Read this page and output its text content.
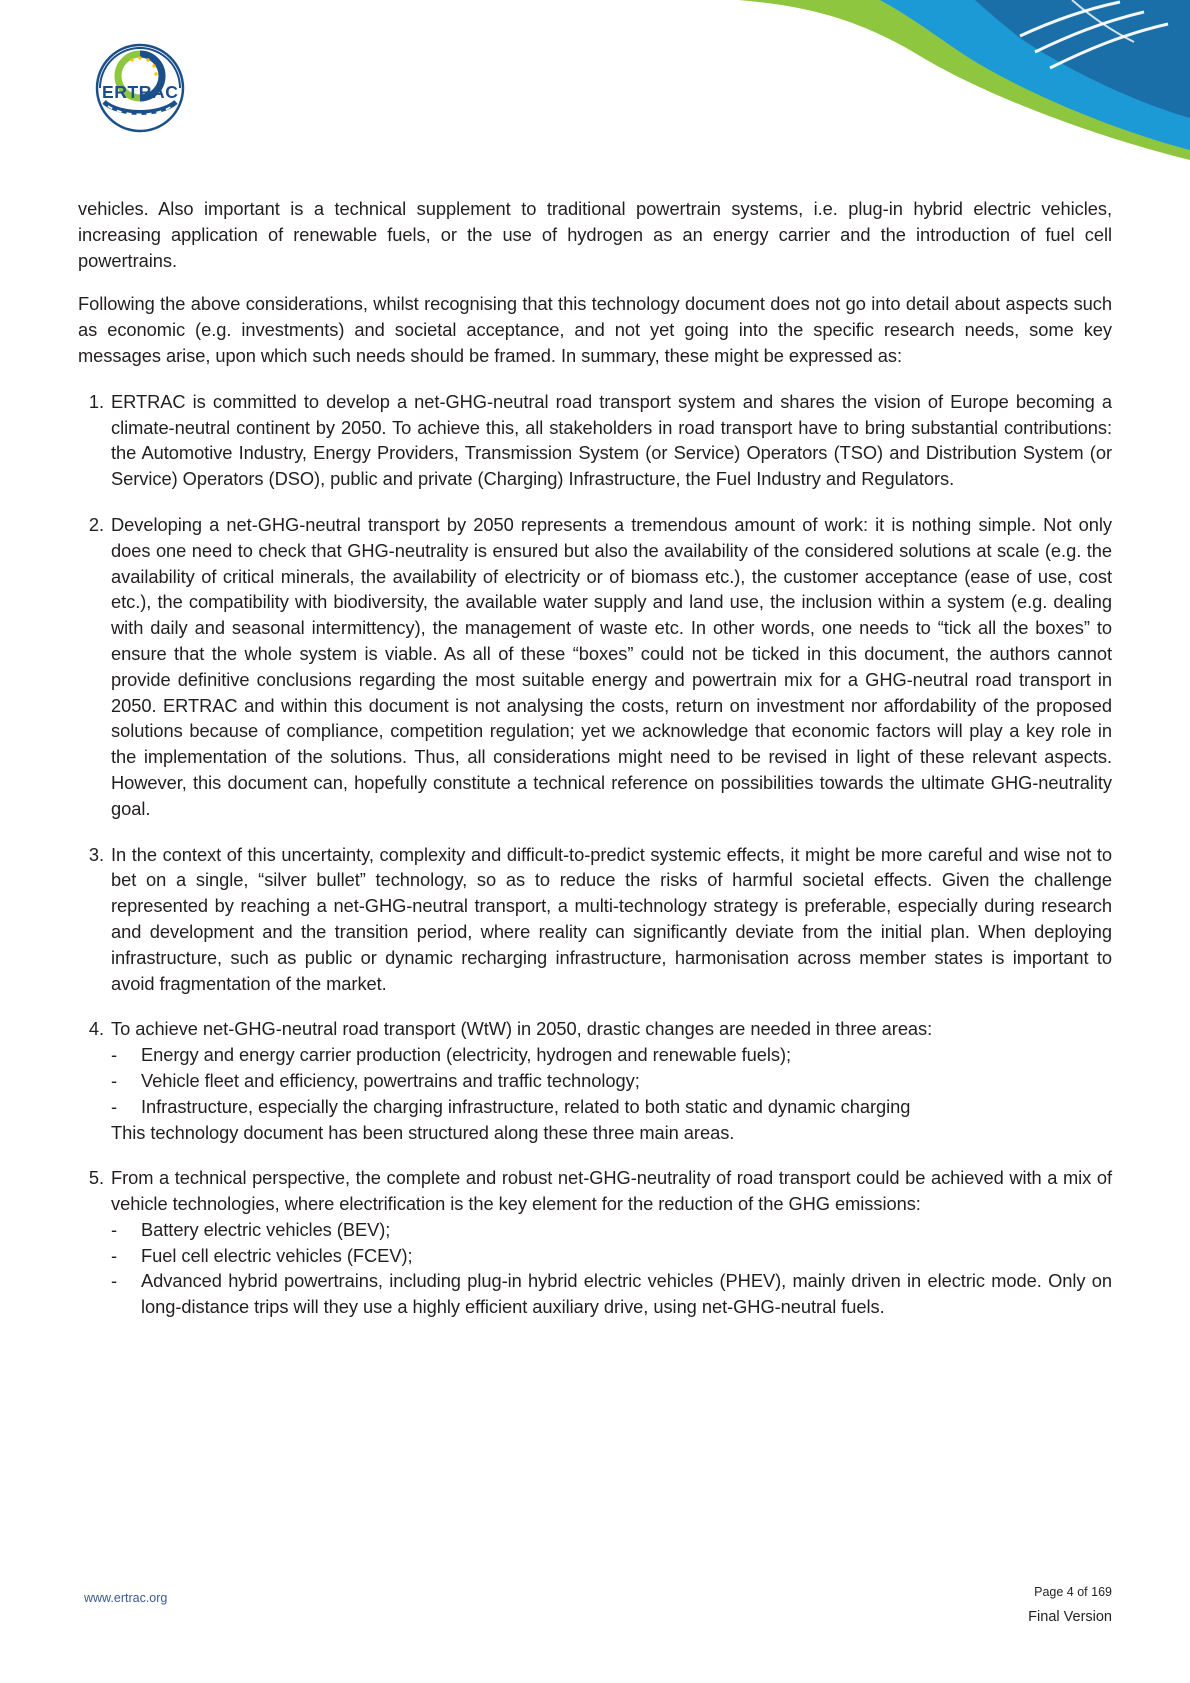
ERTRAC

vehicles. Also important is a technical supplement to traditional powertrain systems, i.e. plug-in hybrid electric vehicles, increasing application of renewable fuels, or the use of hydrogen as an energy carrier and the introduction of fuel cell powertrains.

Following the above considerations, whilst recognising that this technology document does not go into detail about aspects such as economic (e.g. investments) and societal acceptance, and not yet going into the specific research needs, some key messages arise, upon which such needs should be framed. In summary, these might be expressed as:

1. ERTRAC is committed to develop a net-GHG-neutral road transport system and shares the vision of Europe becoming a climate-neutral continent by 2050. To achieve this, all stakeholders in road transport have to bring substantial contributions: the Automotive Industry, Energy Providers, Transmission System (or Service) Operators (TSO) and Distribution System (or Service) Operators (DSO), public and private (Charging) Infrastructure, the Fuel Industry and Regulators.
2. Developing a net-GHG-neutral transport by 2050 represents a tremendous amount of work: it is nothing simple. Not only does one need to check that GHG-neutrality is ensured but also the availability of the considered solutions at scale (e.g. the availability of critical minerals, the availability of electricity or of biomass etc.), the customer acceptance (ease of use, cost etc.), the compatibility with biodiversity, the available water supply and land use, the inclusion within a system (e.g. dealing with daily and seasonal intermittency), the management of waste etc. In other words, one needs to “tick all the boxes” to ensure that the whole system is viable. As all of these “boxes” could not be ticked in this document, the authors cannot provide definitive conclusions regarding the most suitable energy and powertrain mix for a GHG-neutral road transport in 2050. ERTRAC and within this document is not analysing the costs, return on investment nor affordability of the proposed solutions because of compliance, competition regulation; yet we acknowledge that economic factors will play a key role in the implementation of the solutions. Thus, all considerations might need to be revised in light of these relevant aspects. However, this document can, hopefully constitute a technical reference on possibilities towards the ultimate GHG-neutrality goal.
3. In the context of this uncertainty, complexity and difficult-to-predict systemic effects, it might be more careful and wise not to bet on a single, “silver bullet” technology, so as to reduce the risks of harmful societal effects. Given the challenge represented by reaching a net-GHG-neutral transport, a multi-technology strategy is preferable, especially during research and development and the transition period, where reality can significantly deviate from the initial plan. When deploying infrastructure, such as public or dynamic recharging infrastructure, harmonisation across member states is important to avoid fragmentation of the market.
4. To achieve net-GHG-neutral road transport (WtW) in 2050, drastic changes are needed in three areas:
- Energy and energy carrier production (electricity, hydrogen and renewable fuels);
- Vehicle fleet and efficiency, powertrains and traffic technology;
- Infrastructure, especially the charging infrastructure, related to both static and dynamic charging
This technology document has been structured along these three main areas.
5. From a technical perspective, the complete and robust net-GHG-neutrality of road transport could be achieved with a mix of vehicle technologies, where electrification is the key element for the reduction of the GHG emissions:
- Battery electric vehicles (BEV);
- Fuel cell electric vehicles (FCEV);
- Advanced hybrid powertrains, including plug-in hybrid electric vehicles (PHEV), mainly driven in electric mode. Only on long-distance trips will they use a highly efficient auxiliary drive, using net-GHG-neutral fuels.
www.ertrac.org	Page 4 of 169
Final Version
